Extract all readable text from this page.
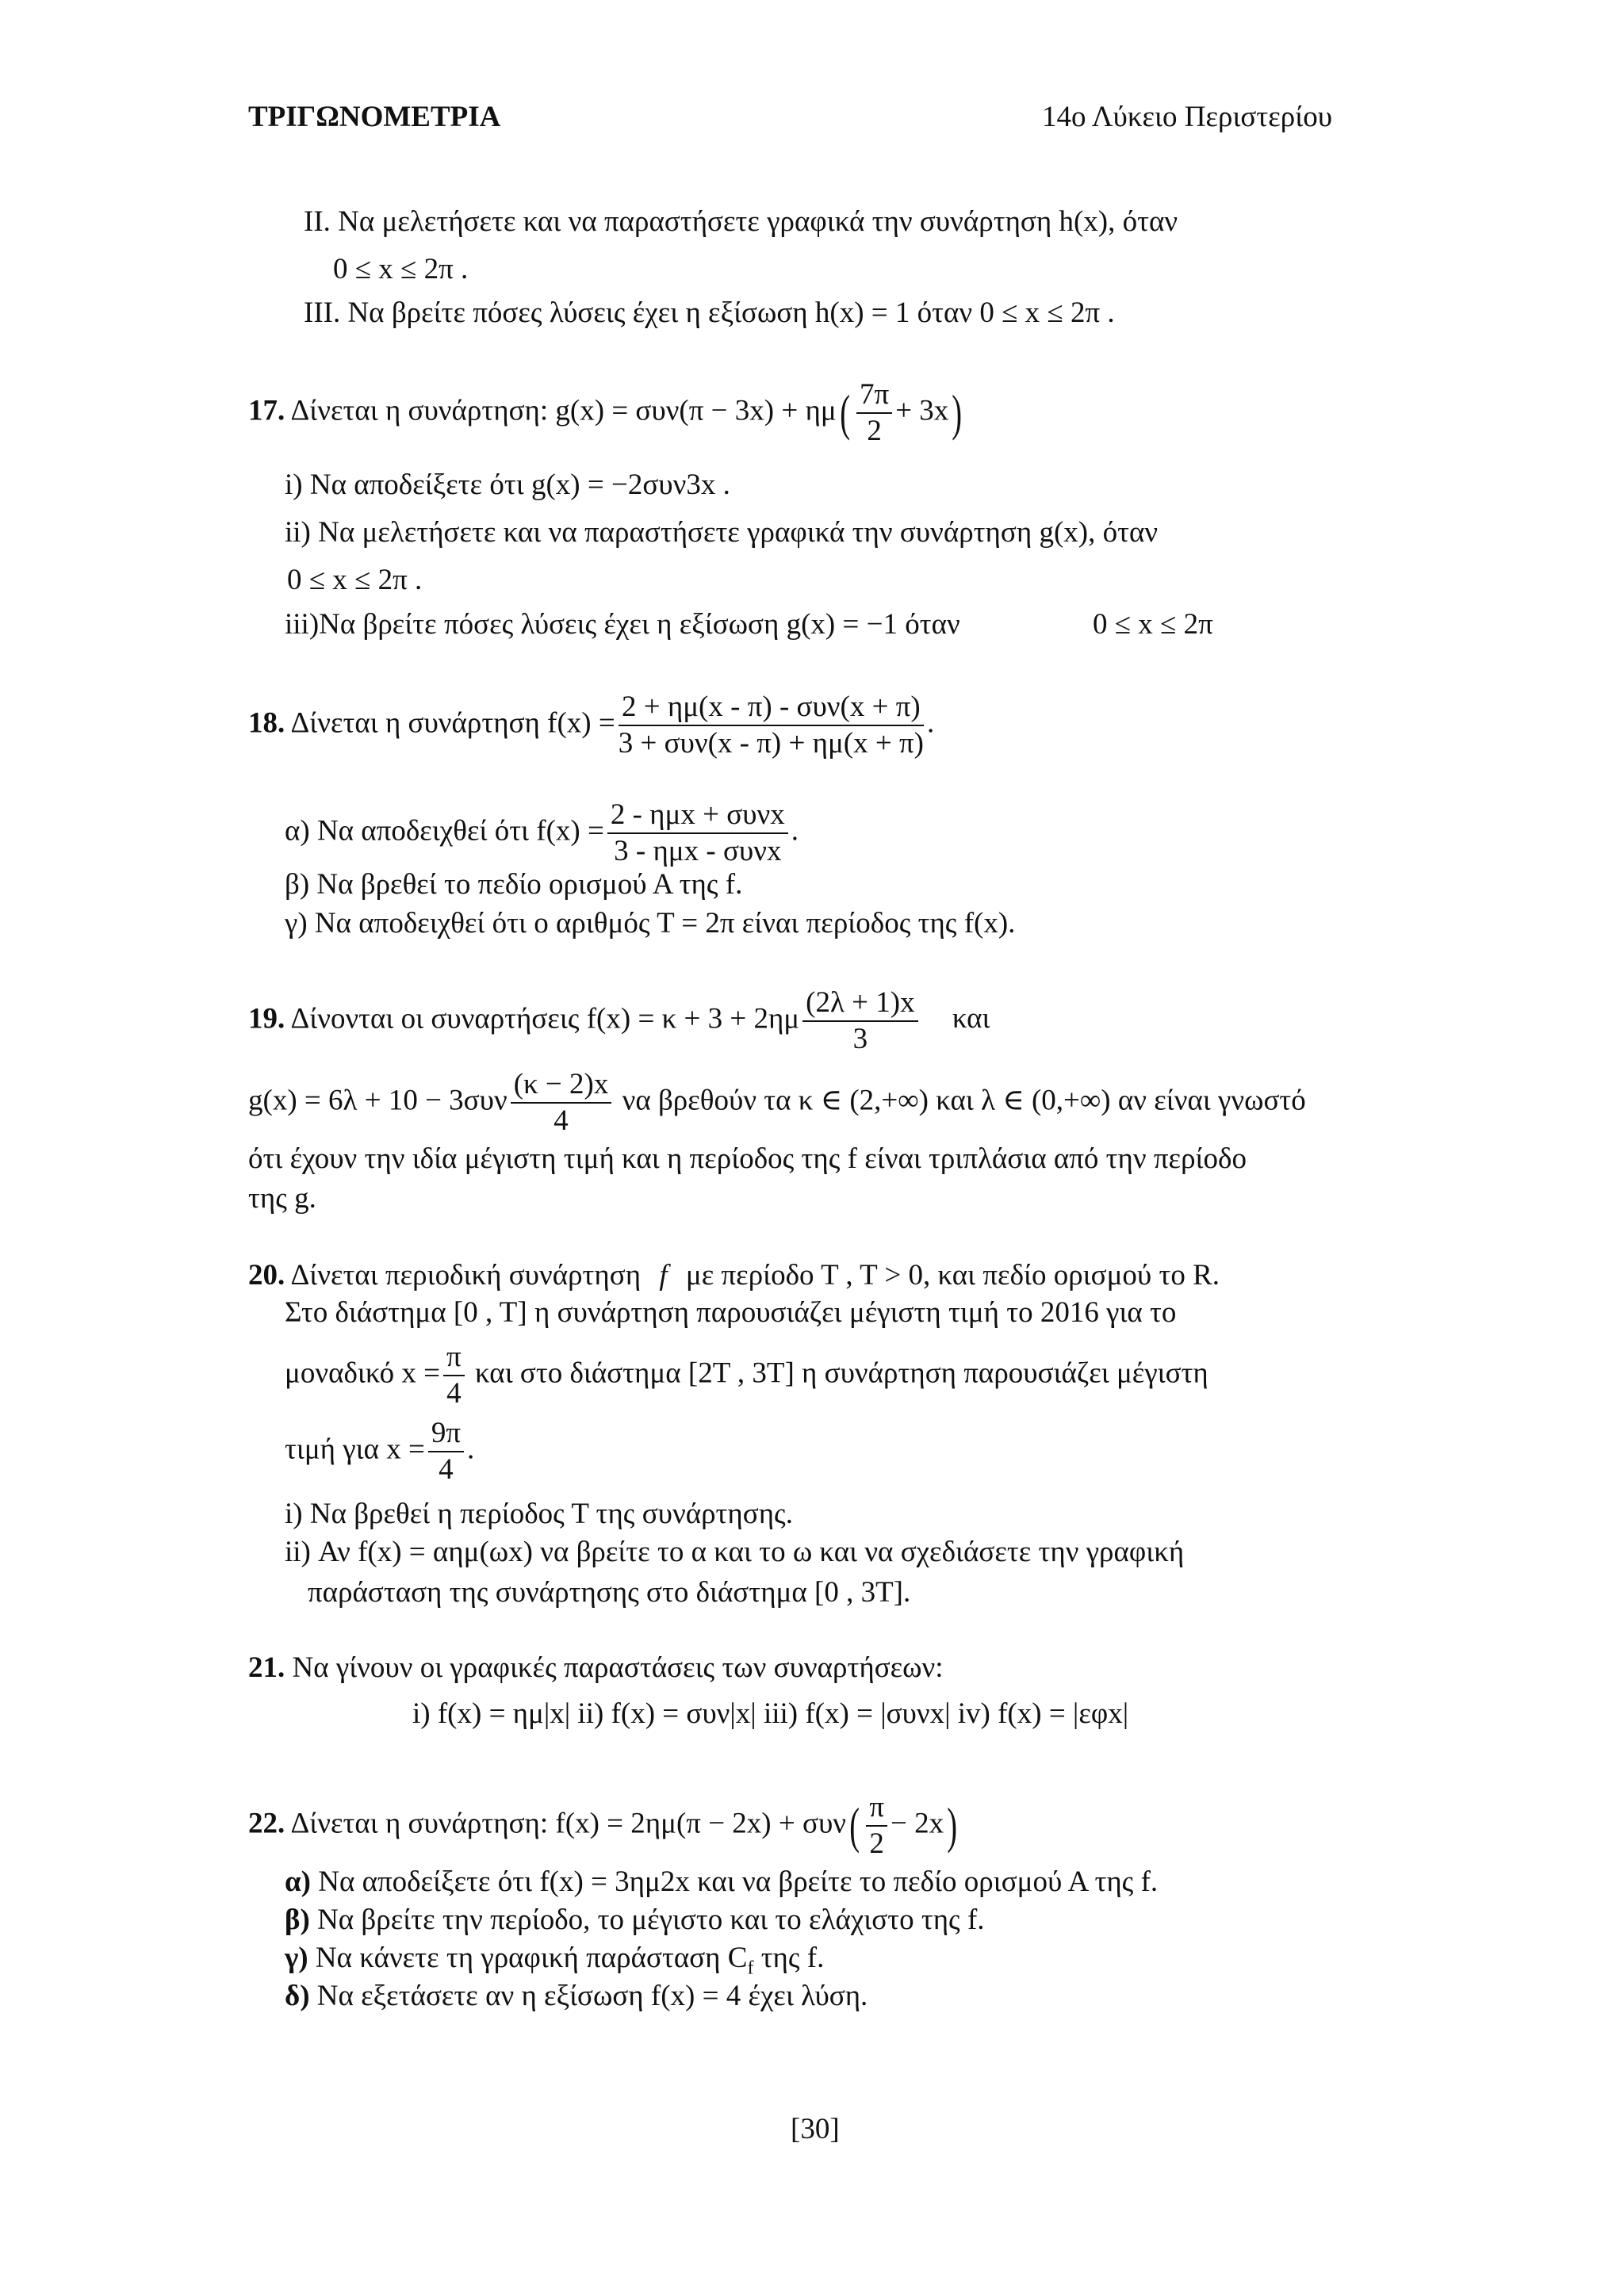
ΤΡΙΓΩΝΟΜΕΤΡΙΑ	14ο Λύκειο Περιστερίου
II. Να μελετήσετε και να παραστήσετε γραφικά την συνάρτηση h(x), όταν
0 ≤ x ≤ 2π .
III. Να βρείτε πόσες λύσεις έχει η εξίσωση h(x) = 1 όταν 0 ≤ x ≤ 2π .
17. Δίνεται η συνάρτηση: $g(x) = \sigma\upsilon\nu(\pi - 3x) + \eta\mu( \frac{7\pi}{2} + 3x)$
i) Να αποδείξετε ότι g(x) = −2συν3x .
ii) Να μελετήσετε και να παραστήσετε γραφικά την συνάρτηση g(x), όταν
0 ≤ x ≤ 2π .
iii)Να βρείτε πόσες λύσεις έχει η εξίσωση g(x) = −1 όταν	0 ≤ x ≤ 2π
18. Δίνεται η συνάρτηση $f(x) = \frac{\text{2 + ημ(x - π) - συν(x + π)}}{\text{3 + συν(x - π) + ημ(x + π)}}$ .
α) Να αποδειχθεί ότι $f(x) = \frac{\text{2 - ημx + συνx}}{\text{3 - ημx - συνx}}$ .
β) Να βρεθεί το πεδίο ορισμού Α της f.
γ) Να αποδειχθεί ότι ο αριθμός Τ = 2π είναι περίοδος της f(x).
19. Δίνονται οι συναρτήσεις $f(x) = \kappa + 3 + 2\eta\mu \frac{(2\lambda + 1)x}{3}$ και
$g(x) = 6\lambda + 10 - 3\sigma\upsilon\nu \frac{(\kappa - 2)x}{4}$ να βρεθούν τα κ ∈ (2,+∞) και λ ∈ (0,+∞) αν είναι γνωστό
ότι έχουν την ιδία μέγιστη τιμή και η περίοδος της f είναι τριπλάσια από την περίοδο
της g.
20. Δίνεται περιοδική συνάρτηση f με περίοδο Τ , Τ > 0, και πεδίο ορισμού το R.
Στο διάστημα [0 , Τ] η συνάρτηση παρουσιάζει μέγιστη τιμή το 2016 για το
μοναδικό $x = \frac{\pi}{4}$ και στο διάστημα [2Τ , 3Τ] η συνάρτηση παρουσιάζει μέγιστη
τιμή για $x = \frac{9\pi}{4}$ .
i) Να βρεθεί η περίοδος Τ της συνάρτησης.
ii) Αν f(x) = αημ(ωx) να βρείτε το α και το ω και να σχεδιάσετε την γραφική
παράσταση της συνάρτησης στο διάστημα [0 , 3Τ].
21. Να γίνουν οι γραφικές παραστάσεις των συναρτήσεων:
i) f(x) = ημ|x| ii) f(x) = συν|x| iii) f(x) = |συνx| iv) f(x) = |εφx|
22. Δίνεται η συνάρτηση: $f(x) = 2\eta\mu(\pi - 2x) + \sigma\upsilon\nu( \frac{\pi}{2} - 2x)$
α) Να αποδείξετε ότι f(x) = 3ημ2x και να βρείτε το πεδίο ορισμού Α της f.
β) Να βρείτε την περίοδο, το μέγιστο και το ελάχιστο της f.
γ) Να κάνετε τη γραφική παράσταση $C_f$ της f.
δ) Να εξετάσετε αν η εξίσωση f(x) = 4 έχει λύση.
[30]
